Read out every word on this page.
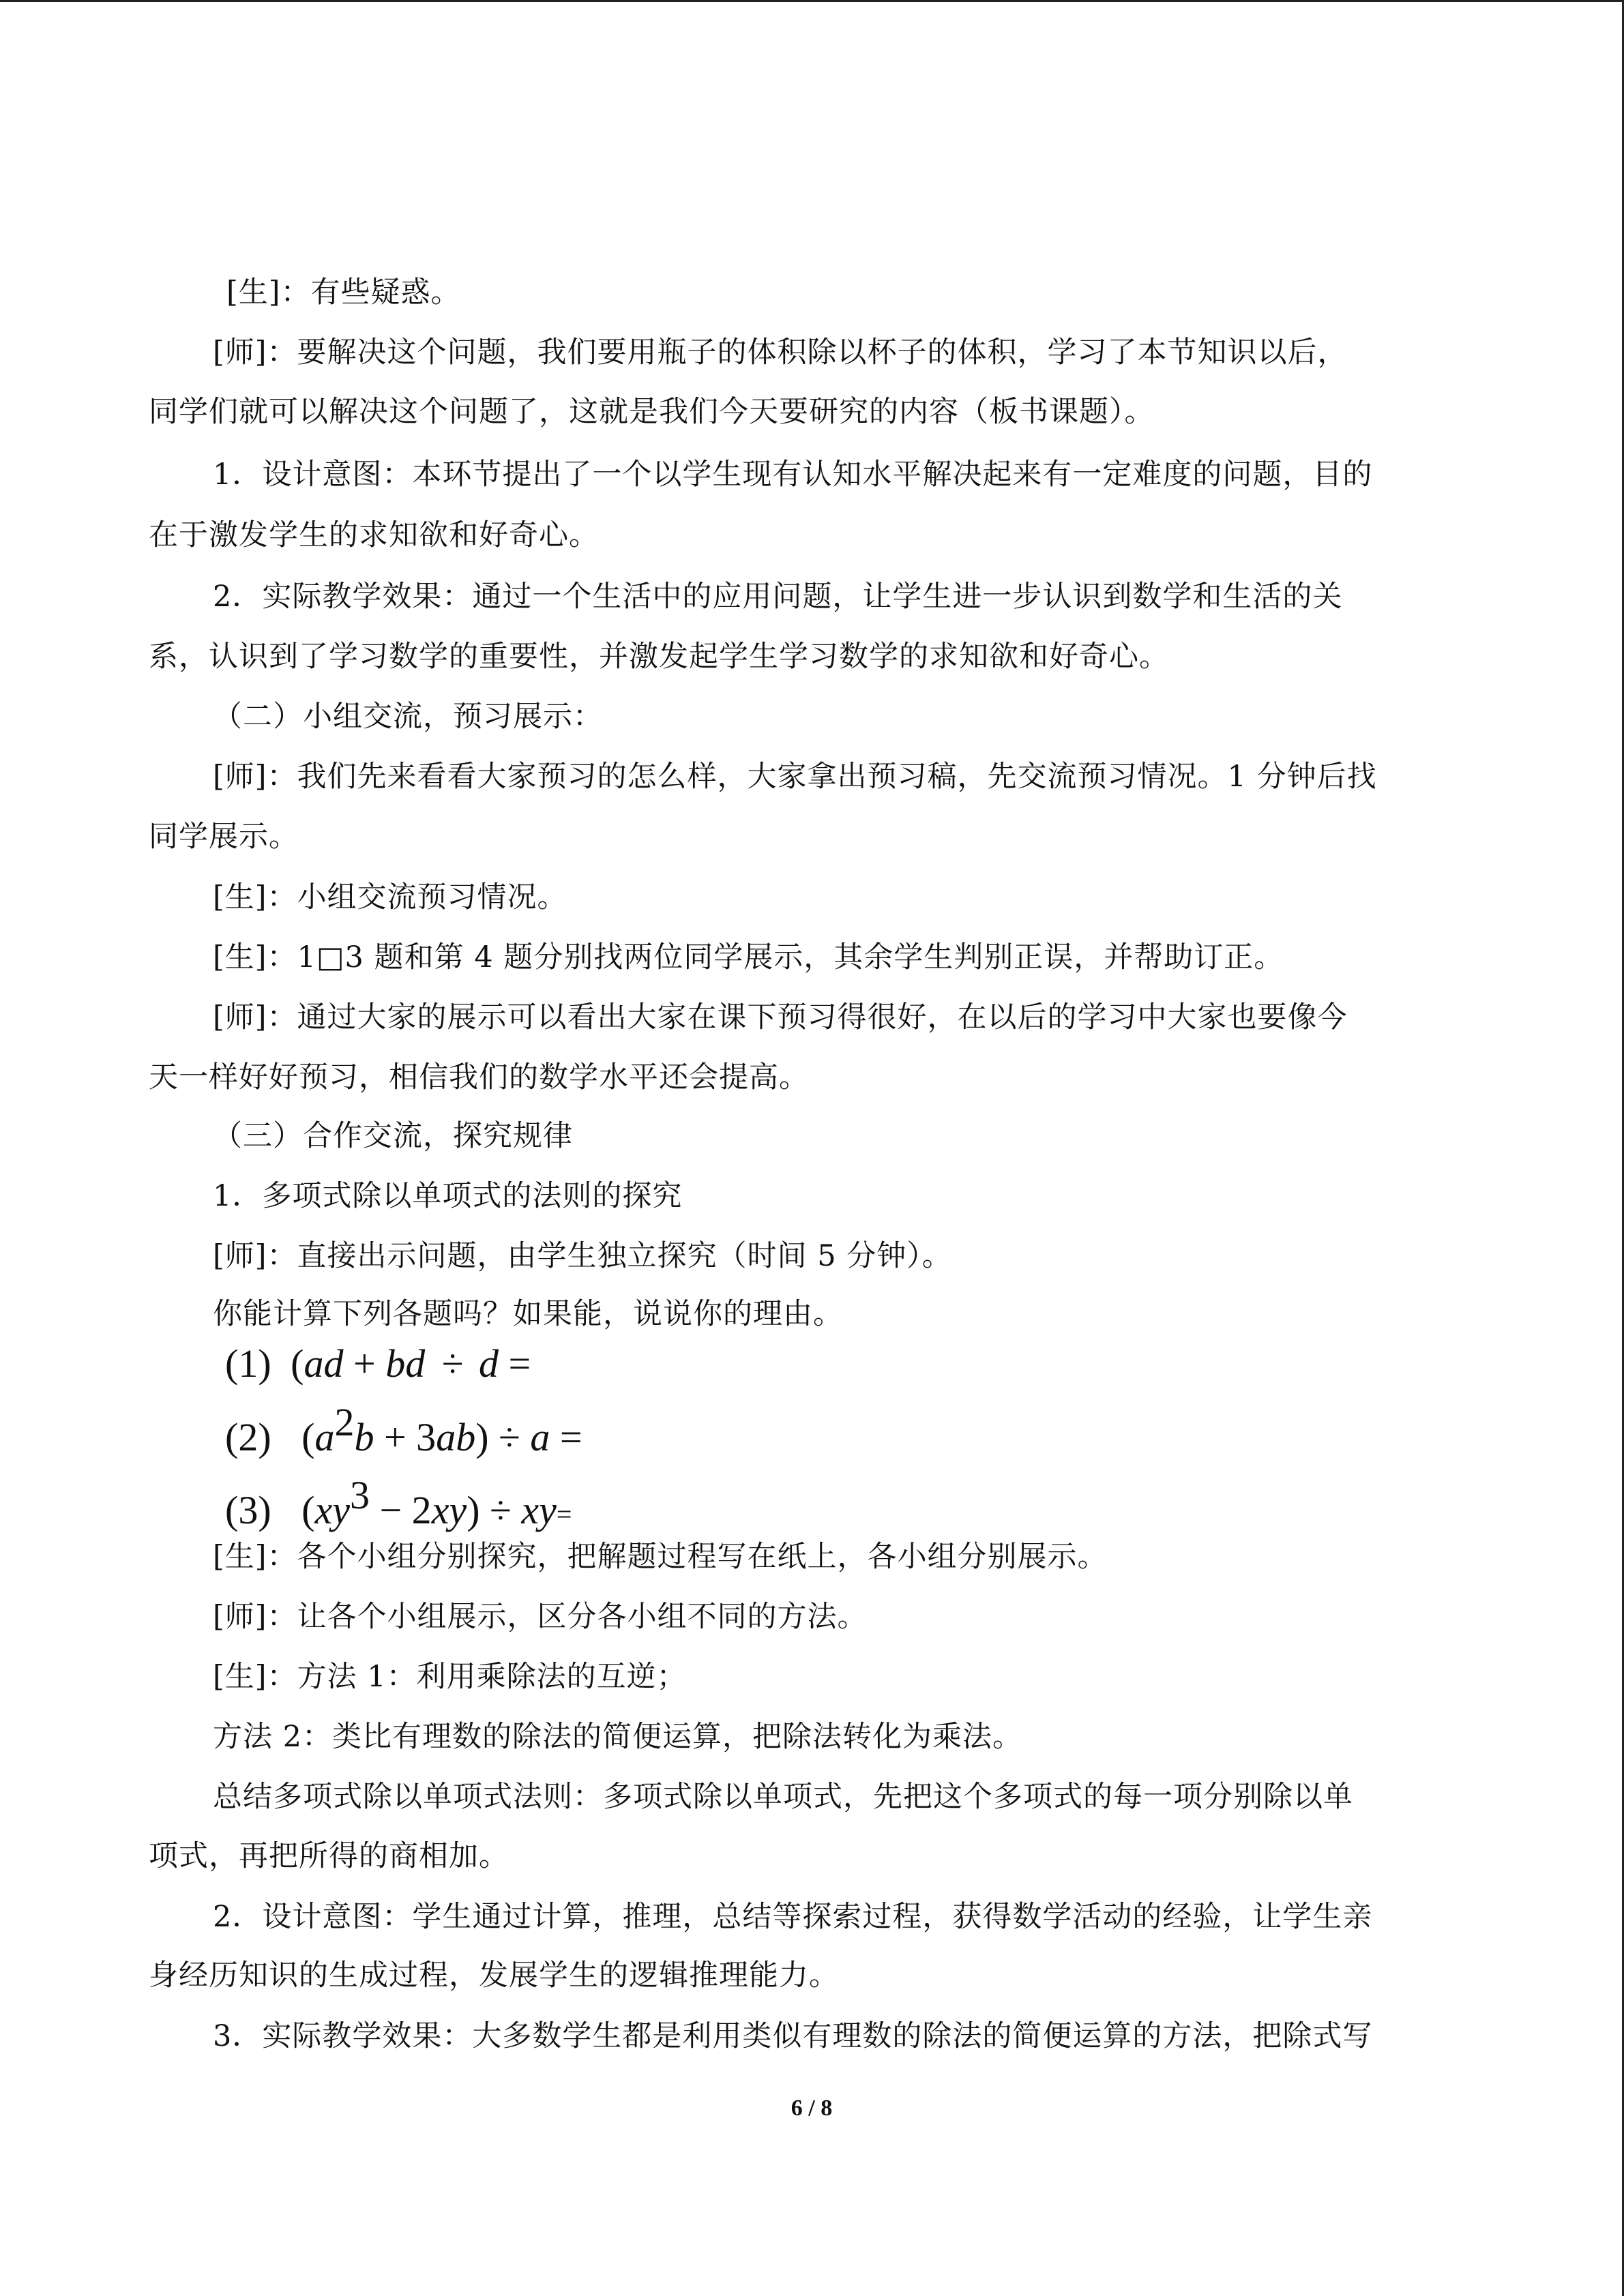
[生]：有些疑惑。
[师]：要解决这个问题，我们要用瓶子的体积除以杯子的体积，学习了本节知识以后，
同学们就可以解决这个问题了，这就是我们今天要研究的内容（板书课题）。
1．设计意图：本环节提出了一个以学生现有认知水平解决起来有一定难度的问题，目的
在于激发学生的求知欲和好奇心。
2．实际教学效果：通过一个生活中的应用问题，让学生进一步认识到数学和生活的关
系，认识到了学习数学的重要性，并激发起学生学习数学的求知欲和好奇心。
（二）小组交流，预习展示：
[师]：我们先来看看大家预习的怎么样，大家拿出预习稿，先交流预习情况。1 分钟后找
同学展示。
[生]：小组交流预习情况。
[生]：1□3 题和第 4 题分别找两位同学展示，其余学生判别正误，并帮助订正。
[师]：通过大家的展示可以看出大家在课下预习得很好，在以后的学习中大家也要像今
天一样好好预习，相信我们的数学水平还会提高。
（三）合作交流，探究规律
1．多项式除以单项式的法则的探究
[师]：直接出示问题，由学生独立探究（时间 5 分钟）。
你能计算下列各题吗？如果能，说说你的理由。
(1) (ad + bd ÷ d =
(2) $(a^2b + 3ab) \div a$ =
(3) $(xy^3 - 2xy) \div xy=$
[生]：各个小组分别探究，把解题过程写在纸上，各小组分别展示。
[师]：让各个小组展示，区分各小组不同的方法。
[生]：方法 1：利用乘除法的互逆；
方法 2：类比有理数的除法的简便运算，把除法转化为乘法。
总结多项式除以单项式法则：多项式除以单项式，先把这个多项式的每一项分别除以单
项式，再把所得的商相加。
2．设计意图：学生通过计算，推理，总结等探索过程，获得数学活动的经验，让学生亲
身经历知识的生成过程，发展学生的逻辑推理能力。
3．实际教学效果：大多数学生都是利用类似有理数的除法的简便运算的方法，把除式写
6 / 8
